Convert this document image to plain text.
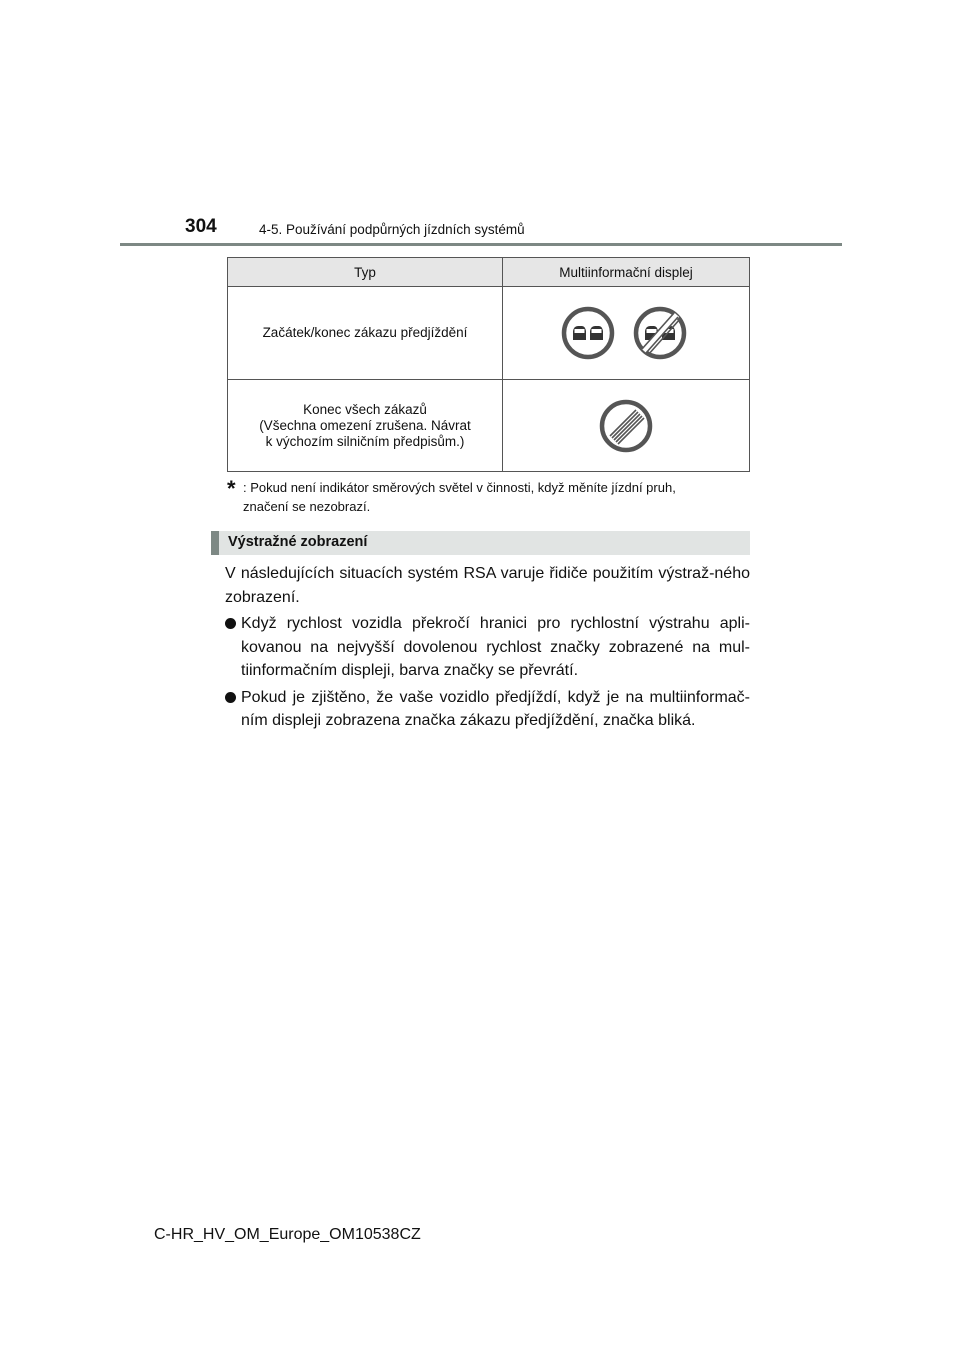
304	4-5. Používání podpůrných jízdních systémů
Typ	Multiinformační displej
Začátek/konec zákazu předjíždění	

Konec všech zákazů
(Všechna omezení zrušena. Návrat
k výchozím silničním předpisům.)

* : Pokud není indikátor směrových světel v činnosti, když měníte jízdní pruh,
značení se nezobrazí.
Výstražné zobrazení

V následujících situacích systém RSA varuje řidiče použitím výstraž-ného zobrazení.

Když rychlost vozidla překročí hranici pro rychlostní výstrahu apli-kovanou na nejvyšší dovolenou rychlost značky zobrazené na mul-tiinformačním displeji, barva značky se převrátí.

Pokud je zjištěno, že vaše vozidlo předjíždí, když je na multiinformač-ním displeji zobrazena značka zákazu předjíždění, značka bliká.

C-HR_HV_OM_Europe_OM10538CZ
